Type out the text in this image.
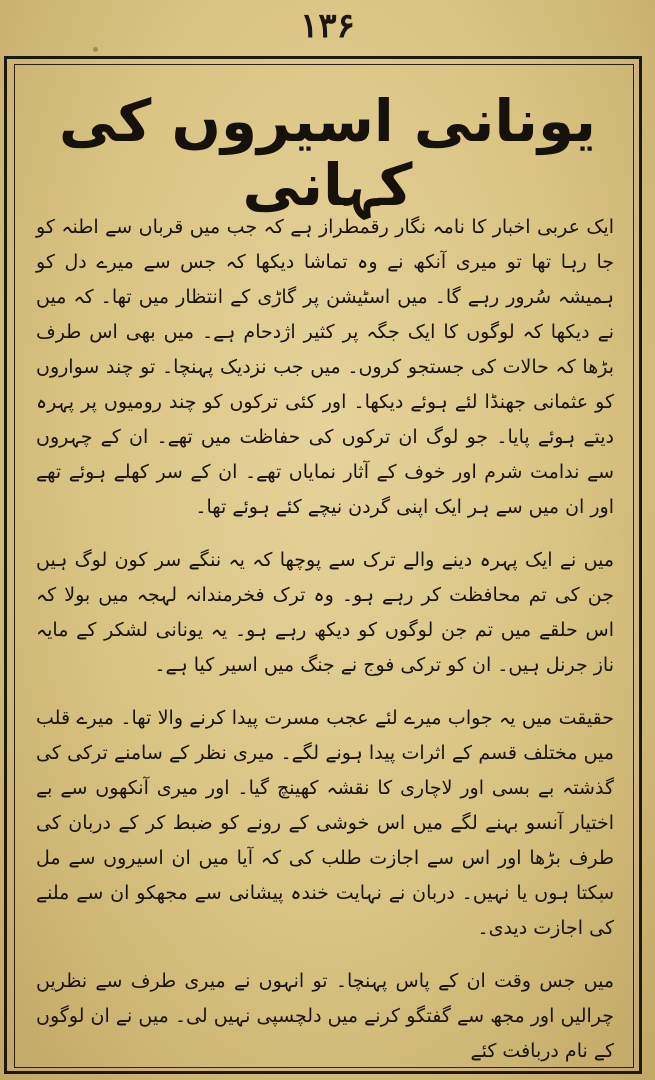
۱۳۶
یونانی اسیروں کی کہانی

ایک عربی اخبار کا نامہ نگار رقمطراز ہے کہ جب میں قرباں سے اطنہ کو جا رہا تھا تو میری آنکھ نے وہ تماشا دیکھا کہ جس سے میرے دل کو ہمیشہ سُرور رہے گا۔ میں اسٹیشن پر گاڑی کے انتظار میں تھا۔ کہ میں نے دیکھا کہ لوگوں کا ایک جگہ پر کثیر اژدحام ہے۔ میں بھی اس طرف بڑھا کہ حالات کی جستجو کروں۔ میں جب نزدیک پہنچا۔ تو چند سواروں کو عثمانی جھنڈا لئے ہوئے دیکھا۔ اور کئی ترکوں کو چند رومیوں پر پہرہ دیتے ہوئے پایا۔ جو لوگ ان ترکوں کی حفاظت میں تھے۔ ان کے چہروں سے ندامت شرم اور خوف کے آثار نمایاں تھے۔ ان کے سر کھلے ہوئے تھے اور ان میں سے ہر ایک اپنی گردن نیچے کئے ہوئے تھا۔

میں نے ایک پہرہ دینے والے ترک سے پوچھا کہ یہ ننگے سر کون لوگ ہیں جن کی تم محافظت کر رہے ہو۔ وہ ترک فخرمندانہ لہجہ میں بولا کہ اس حلقے میں تم جن لوگوں کو دیکھ رہے ہو۔ یہ یونانی لشکر کے مایہ ناز جرنل ہیں۔ ان کو ترکی فوج نے جنگ میں اسیر کیا ہے۔

حقیقت میں یہ جواب میرے لئے عجب مسرت پیدا کرنے والا تھا۔ میرے قلب میں مختلف قسم کے اثرات پیدا ہونے لگے۔ میری نظر کے سامنے ترکی کی گذشتہ بے بسی اور لاچاری کا نقشہ کھینچ گیا۔ اور میری آنکھوں سے بے اختیار آنسو بہنے لگے میں اس خوشی کے رونے کو ضبط کر کے دربان کی طرف بڑھا اور اس سے اجازت طلب کی کہ آیا میں ان اسیروں سے مل سکتا ہوں یا نہیں۔ دربان نے نہایت خندہ پیشانی سے مجھکو ان سے ملنے کی اجازت دیدی۔

میں جس وقت ان کے پاس پہنچا۔ تو انہوں نے میری طرف سے نظریں چرالیں اور مجھ سے گفتگو کرنے میں دلچسپی نہیں لی۔ میں نے ان لوگوں کے نام دربافت کئے
